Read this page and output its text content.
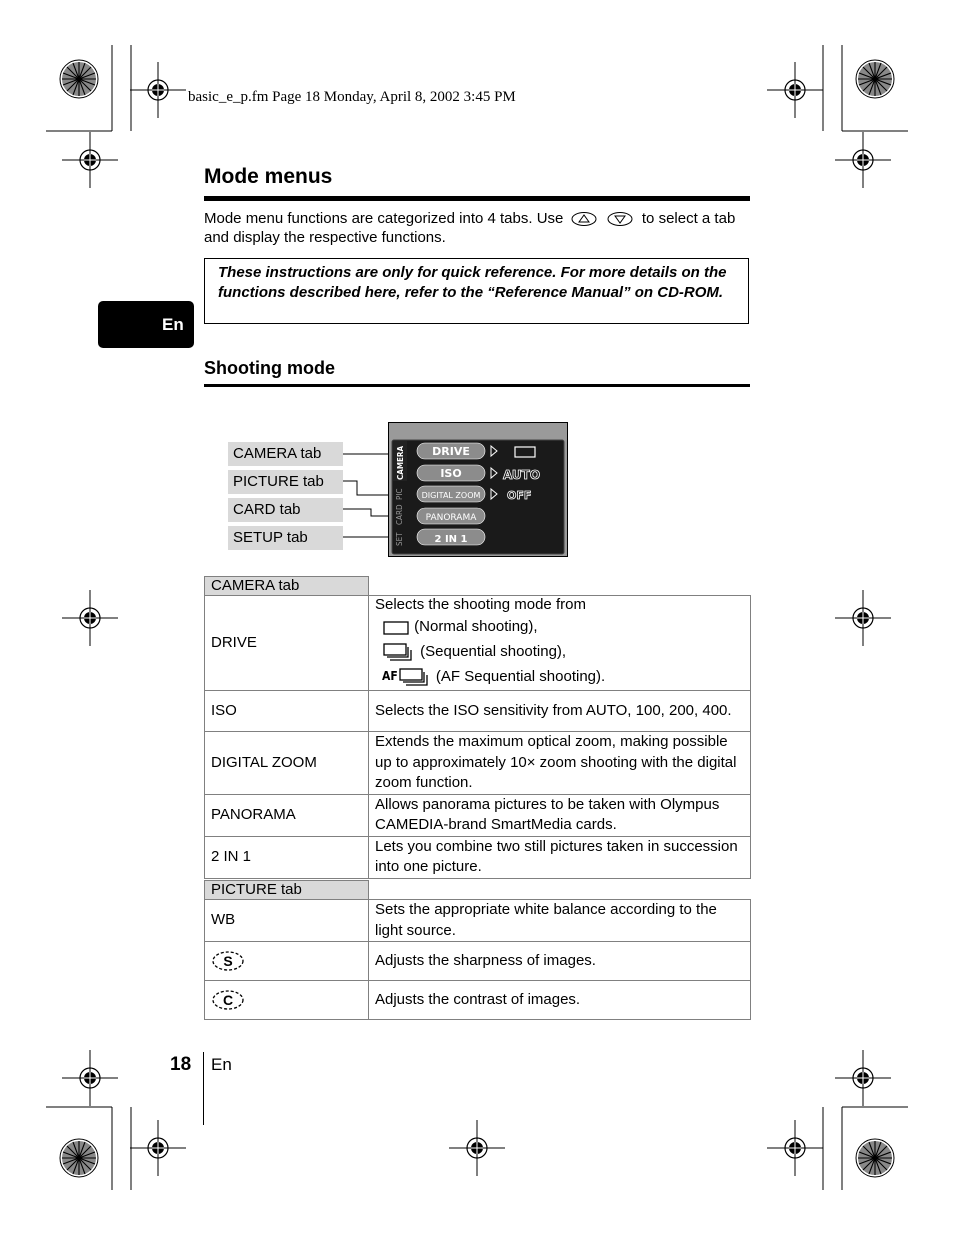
basic_e_p.fm Page 18 Monday, April 8, 2002 3:45 PM
Mode menus
Mode menu functions are categorized into 4 tabs. Use	to select a tab and display the respective functions.
These instructions are only for quick reference. For more details on the functions described here, refer to the “Reference Manual” on CD-ROM.
En
Shooting mode
CAMERA tab
PICTURE tab
CARD tab
SETUP tab
CAMERA
PIC
CARD
SET
DRIVE
ISO
DIGITAL ZOOM
PANORAMA
2 IN 1
AUTO
OFF
CAMERA tab	
DRIVE	Selects the shooting mode from
(Normal shooting),
(Sequential shooting),
$^{AF}$ (AF Sequential shooting).

ISO	Selects the ISO sensitivity from AUTO, 100, 200, 400.
DIGITAL ZOOM	Extends the maximum optical zoom, making possible up to approximately 10× zoom shooting with the digital zoom function.
PANORAMA	Allows panorama pictures to be taken with Olympus CAMEDIA-brand SmartMedia cards.
2 IN 1	Lets you combine two still pictures taken in succession into one picture.
PICTURE tab	
WB	Sets the appropriate white balance according to the light source.

S	Adjusts the sharpness of images.

C	Adjusts the contrast of images.
18 En
